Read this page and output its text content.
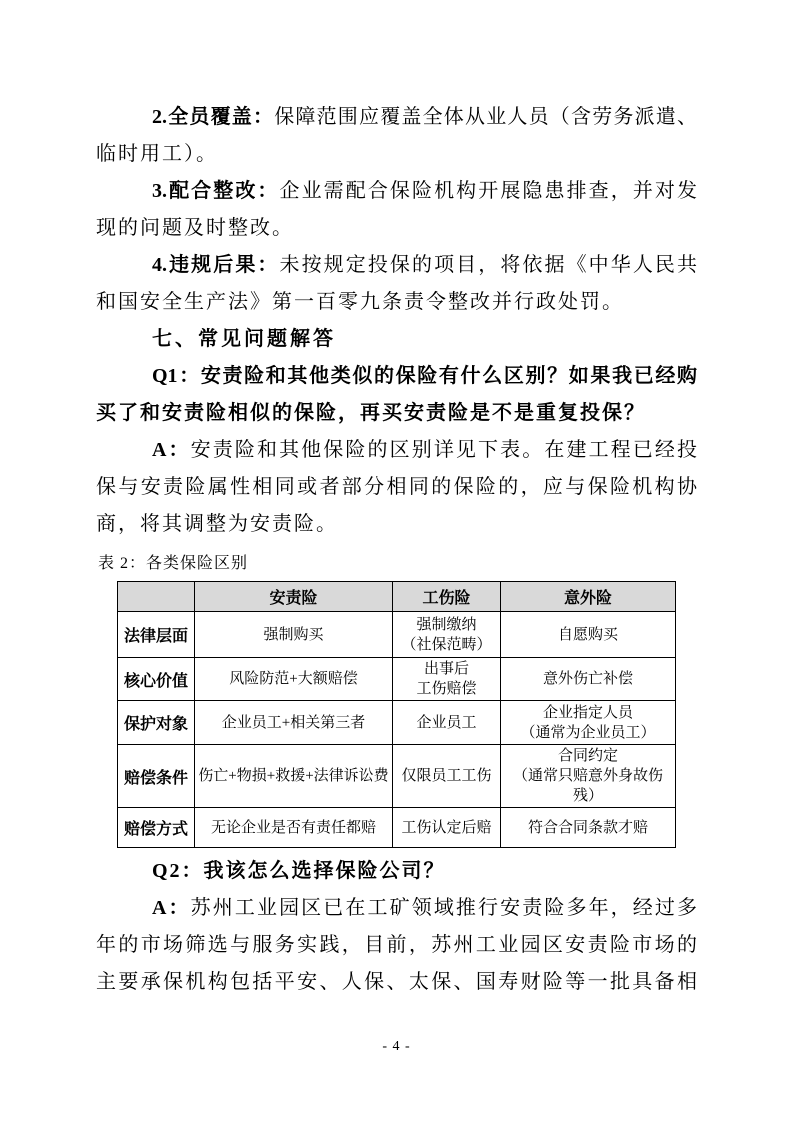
2.全员覆盖：保障范围应覆盖全体从业人员（含劳务派遣、
临时用工）。
3.配合整改：企业需配合保险机构开展隐患排查，并对发
现的问题及时整改。
4.违规后果：未按规定投保的项目，将依据《中华人民共
和国安全生产法》第一百零九条责令整改并行政处罚。
七、常见问题解答
Q1：安责险和其他类似的保险有什么区别？如果我已经购
买了和安责险相似的保险，再买安责险是不是重复投保？
A：安责险和其他保险的区别详见下表。在建工程已经投
保与安责险属性相同或者部分相同的保险的，应与保险机构协
商，将其调整为安责险。
表 2：各类保险区别
	安责险	工伤险	意外险
法律层面	强制购买	强制缴纳
（社保范畴）	自愿购买

核心价值	风险防范+大额赔偿	出事后
工伤赔偿	意外伤亡补偿

保护对象	企业员工+相关第三者	企业员工	企业指定人员
（通常为企业员工）

赔偿条件	伤亡+物损+救援+法律诉讼费	仅限员工工伤	合同约定
（通常只赔意外身故伤残）

赔偿方式	无论企业是否有责任都赔	工伤认定后赔	符合合同条款才赔
Q2：我该怎么选择保险公司？
A：苏州工业园区已在工矿领域推行安责险多年，经过多
年的市场筛选与服务实践，目前，苏州工业园区安责险市场的
主要承保机构包括平安、人保、太保、国寿财险等一批具备相
- 4 -
